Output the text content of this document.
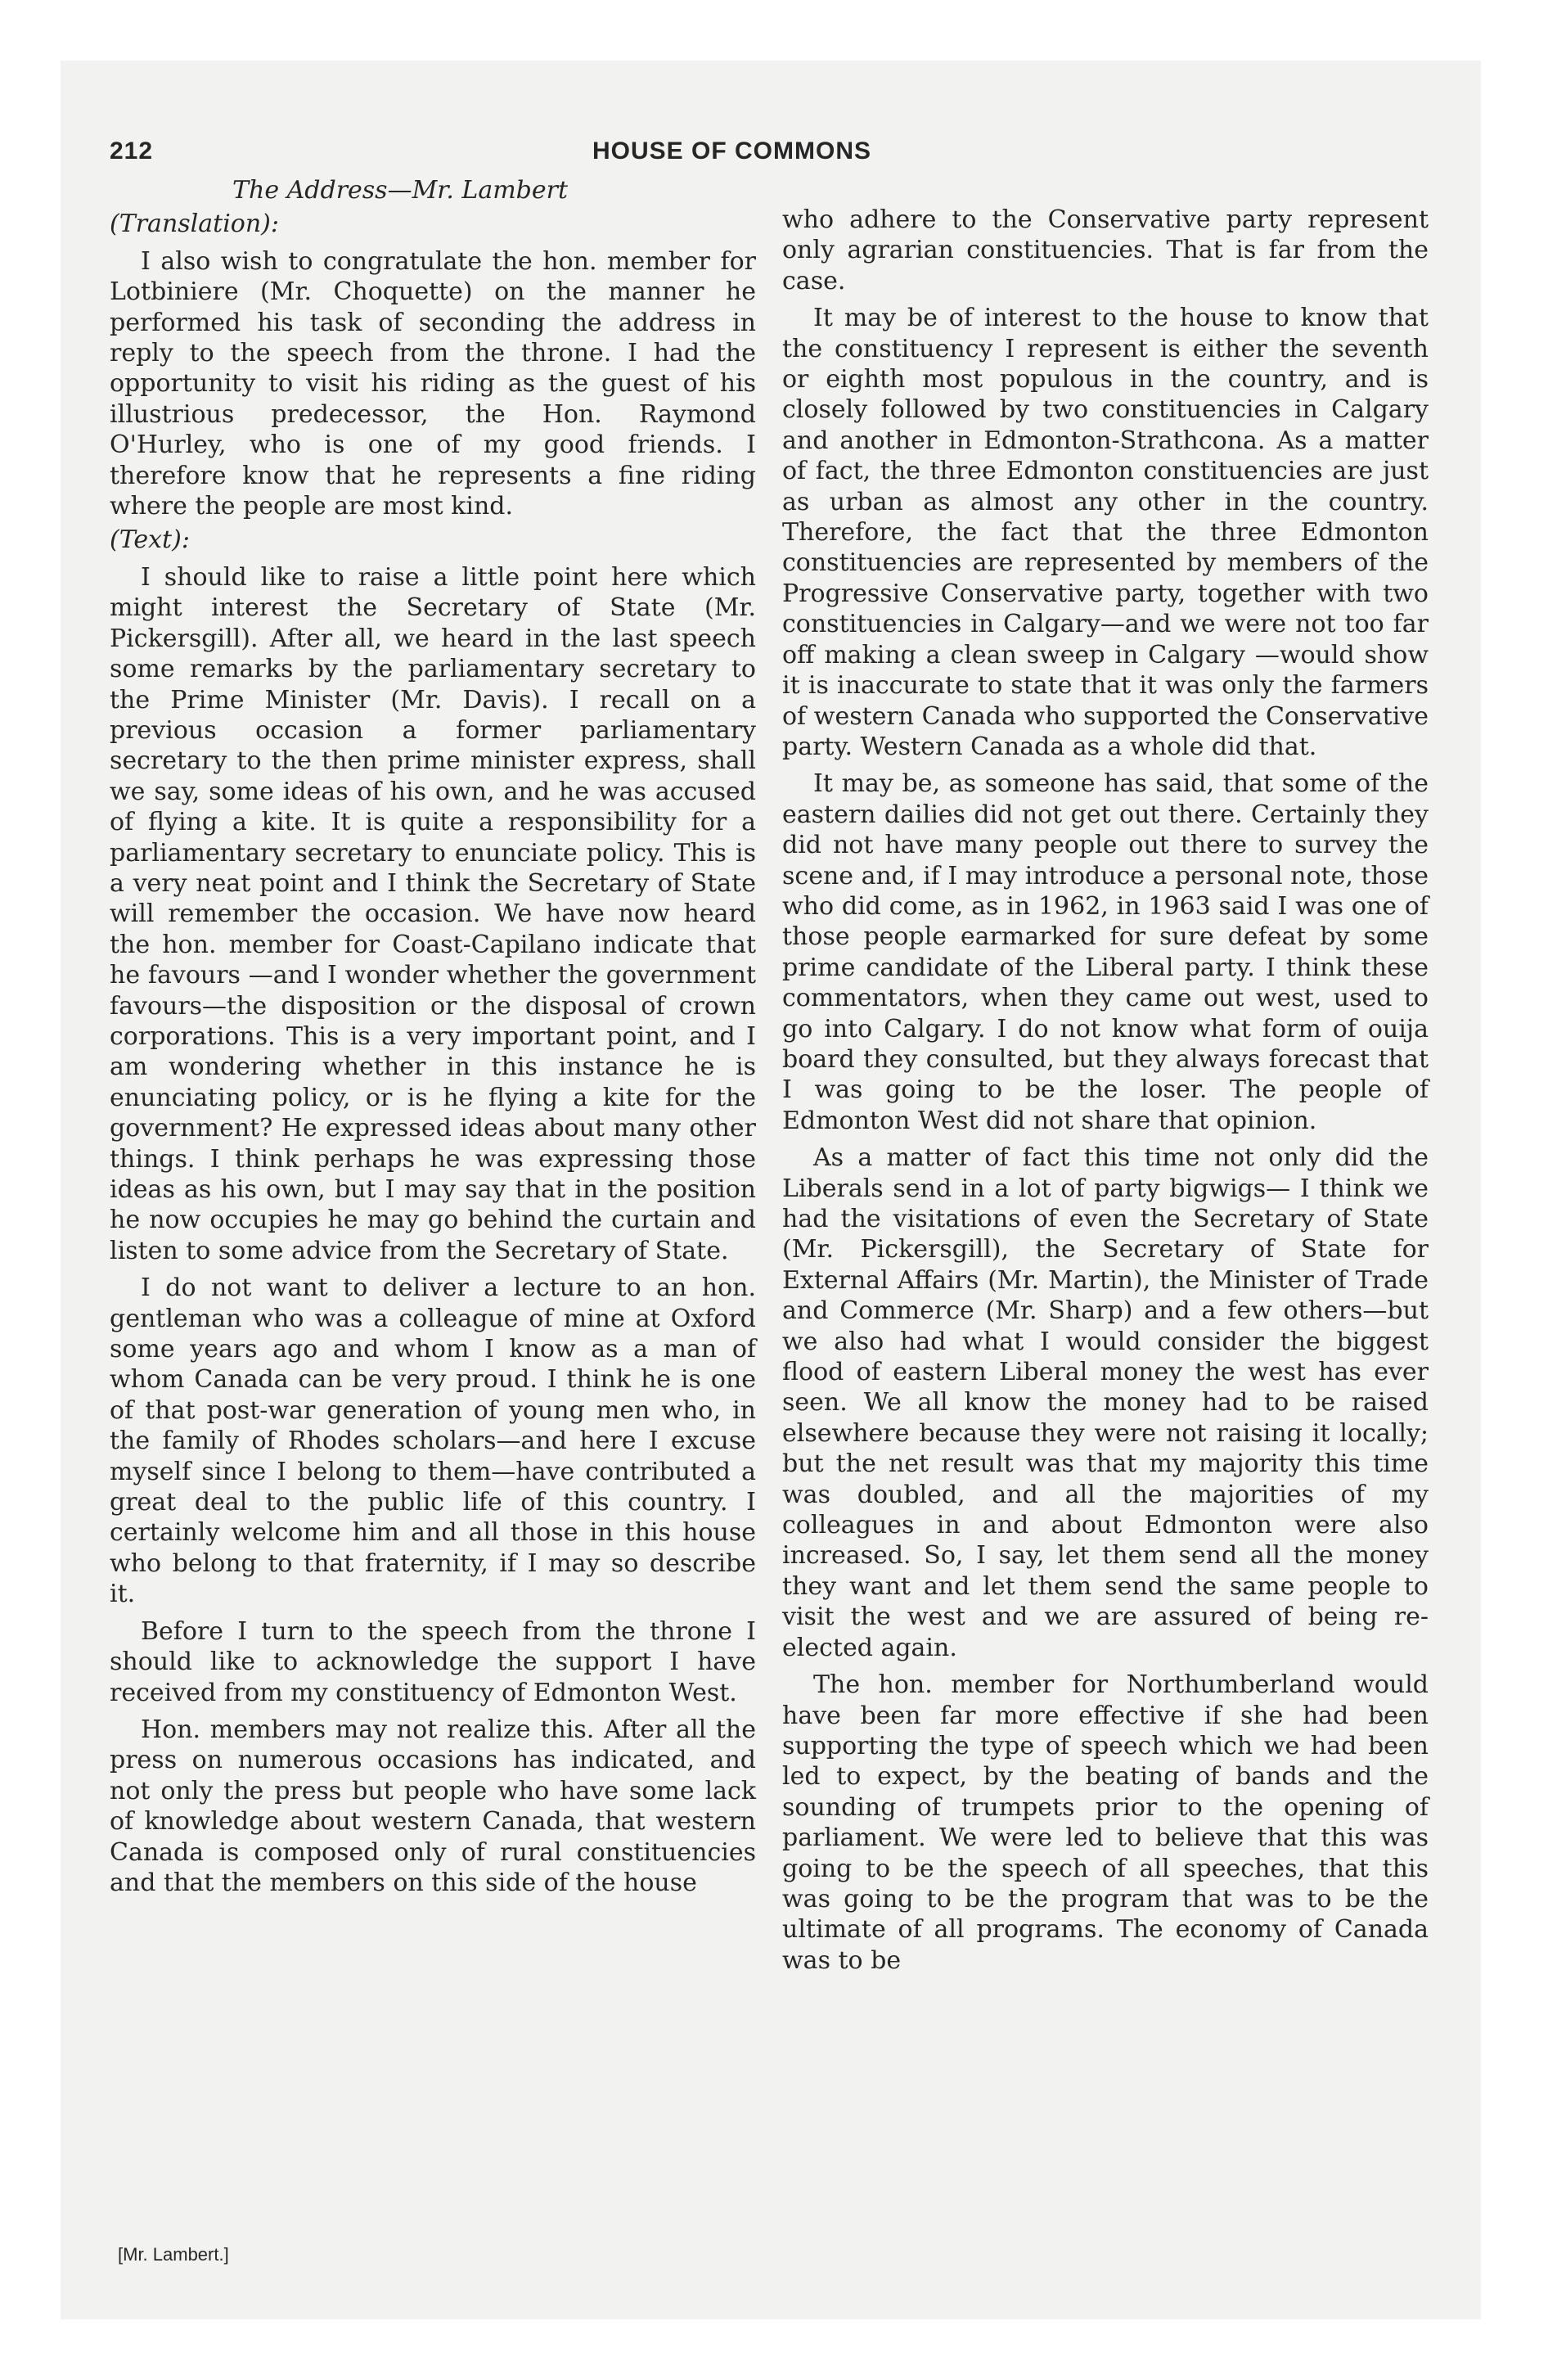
212	HOUSE OF COMMONS

The Address—Mr. Lambert

(Translation):

I also wish to congratulate the hon. member for Lotbiniere (Mr. Choquette) on the manner he performed his task of seconding the address in reply to the speech from the throne. I had the opportunity to visit his riding as the guest of his illustrious predecessor, the Hon. Raymond O'Hurley, who is one of my good friends. I therefore know that he represents a fine riding where the people are most kind.

(Text):

I should like to raise a little point here which might interest the Secretary of State (Mr. Pickersgill). After all, we heard in the last speech some remarks by the parliamentary secretary to the Prime Minister (Mr. Davis). I recall on a previous occasion a former parliamentary secretary to the then prime minister express, shall we say, some ideas of his own, and he was accused of flying a kite. It is quite a responsibility for a parliamentary secretary to enunciate policy. This is a very neat point and I think the Secretary of State will remember the occasion. We have now heard the hon. member for Coast-Capilano indicate that he favours —and I wonder whether the government favours—the disposition or the disposal of crown corporations. This is a very important point, and I am wondering whether in this instance he is enunciating policy, or is he flying a kite for the government? He expressed ideas about many other things. I think perhaps he was expressing those ideas as his own, but I may say that in the position he now occupies he may go behind the curtain and listen to some advice from the Secretary of State.

I do not want to deliver a lecture to an hon. gentleman who was a colleague of mine at Oxford some years ago and whom I know as a man of whom Canada can be very proud. I think he is one of that post-war generation of young men who, in the family of Rhodes scholars—and here I excuse myself since I belong to them—have contributed a great deal to the public life of this country. I certainly welcome him and all those in this house who belong to that fraternity, if I may so describe it.

Before I turn to the speech from the throne I should like to acknowledge the support I have received from my constituency of Edmonton West.

Hon. members may not realize this. After all the press on numerous occasions has indicated, and not only the press but people who have some lack of knowledge about western Canada, that western Canada is composed only of rural constituencies and that the members on this side of the house

who adhere to the Conservative party represent only agrarian constituencies. That is far from the case.

It may be of interest to the house to know that the constituency I represent is either the seventh or eighth most populous in the country, and is closely followed by two constituencies in Calgary and another in Edmonton-Strathcona. As a matter of fact, the three Edmonton constituencies are just as urban as almost any other in the country. Therefore, the fact that the three Edmonton constituencies are represented by members of the Progressive Conservative party, together with two constituencies in Calgary—and we were not too far off making a clean sweep in Calgary —would show it is inaccurate to state that it was only the farmers of western Canada who supported the Conservative party. Western Canada as a whole did that.

It may be, as someone has said, that some of the eastern dailies did not get out there. Certainly they did not have many people out there to survey the scene and, if I may introduce a personal note, those who did come, as in 1962, in 1963 said I was one of those people earmarked for sure defeat by some prime candidate of the Liberal party. I think these commentators, when they came out west, used to go into Calgary. I do not know what form of ouija board they consulted, but they always forecast that I was going to be the loser. The people of Edmonton West did not share that opinion.

As a matter of fact this time not only did the Liberals send in a lot of party bigwigs— I think we had the visitations of even the Secretary of State (Mr. Pickersgill), the Secretary of State for External Affairs (Mr. Martin), the Minister of Trade and Commerce (Mr. Sharp) and a few others—but we also had what I would consider the biggest flood of eastern Liberal money the west has ever seen. We all know the money had to be raised elsewhere because they were not raising it locally; but the net result was that my majority this time was doubled, and all the majorities of my colleagues in and about Edmonton were also increased. So, I say, let them send all the money they want and let them send the same people to visit the west and we are assured of being re-elected again.

The hon. member for Northumberland would have been far more effective if she had been supporting the type of speech which we had been led to expect, by the beating of bands and the sounding of trumpets prior to the opening of parliament. We were led to believe that this was going to be the speech of all speeches, that this was going to be the program that was to be the ultimate of all programs. The economy of Canada was to be

[Mr. Lambert.]
